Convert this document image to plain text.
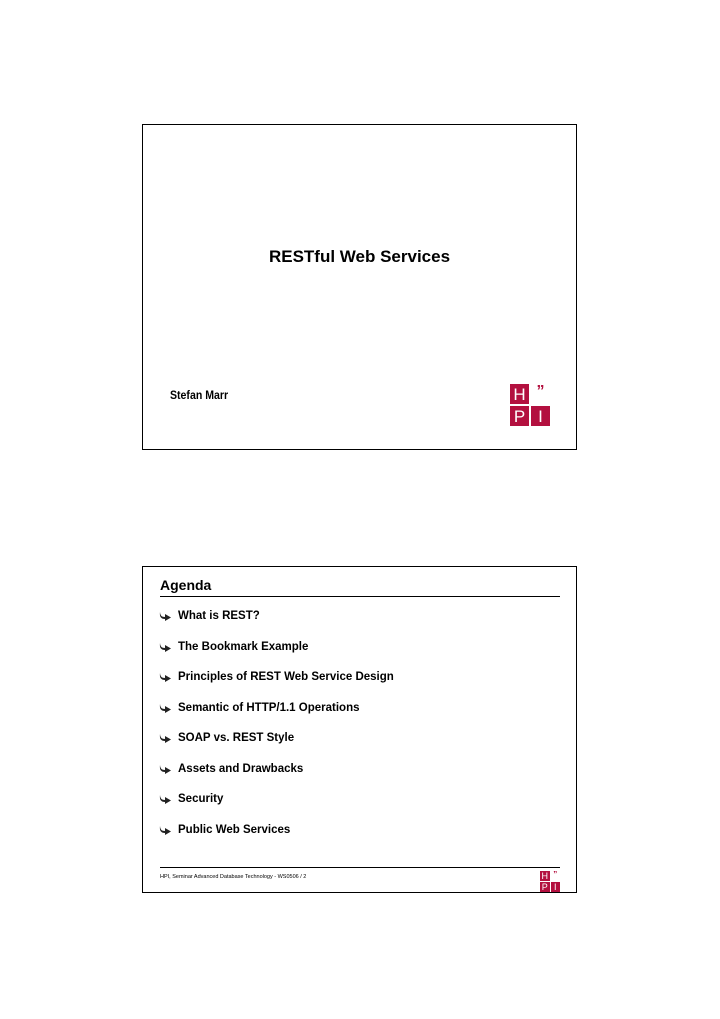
RESTful Web Services
Stefan Marr	H ”
P I
Agenda
What is REST?
The Bookmark Example
Principles of REST Web Service Design
Semantic of HTTP/1.1 Operations
SOAP vs. REST Style
Assets and Drawbacks
Security
Public Web Services
HPI, Seminar Advanced Database Technology - WS0506 / 2	H ”
P I
